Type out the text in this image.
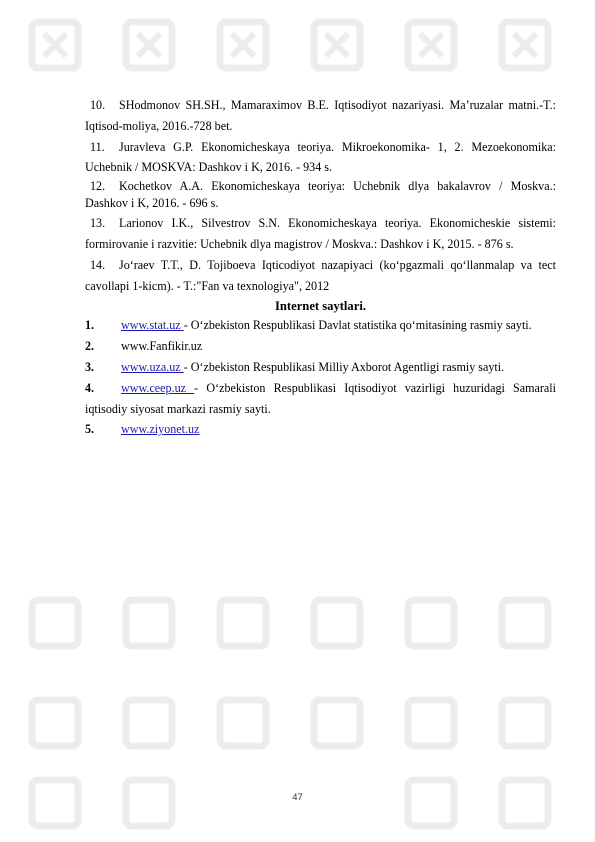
10. SHodmonov SH.SH., Mamaraximov B.E. Iqtisodiyot nazariyasi. Ma’ruzalar matni.-T.: Iqtisod-moliya, 2016.-728 bet.
11. Juravleva G.P. Ekonomicheskaya teoriya. Mikroekonomika- 1, 2. Mezoekonomika: Uchebnik / MOSKVA: Dashkov i K, 2016. - 934 s.
12. Kochetkov A.A. Ekonomicheskaya teoriya: Uchebnik dlya bakalavrov / Moskva.: Dashkov i K, 2016. - 696 s.
13. Larionov I.K., Silvestrov S.N. Ekonomicheskaya teoriya. Ekonomicheskie sistemi: formirovanie i razvitie: Uchebnik dlya magistrov / Moskva.: Dashkov i K, 2015. - 876 s.
14. Jo‘raev T.T., D. Tojiboeva Iqticodiyot nazapiyaci (ko‘pgazmali qo‘llanmalap va tect cavollapi 1-kicm). - T.:"Fan va texnologiya", 2012
Internet saytlari.
1. www.stat.uz - O‘zbekiston Respublikasi Davlat statistika qo‘mitasining rasmiy sayti.
2. www.Fanfikir.uz
3. www.uza.uz - O‘zbekiston Respublikasi Milliy Axborot Agentligi rasmiy sayti.
4. www.ceep.uz - O‘zbekiston Respublikasi Iqtisodiyot vazirligi huzuridagi Samarali iqtisodiy siyosat markazi rasmiy sayti.
5. www.ziyonet.uz
47
